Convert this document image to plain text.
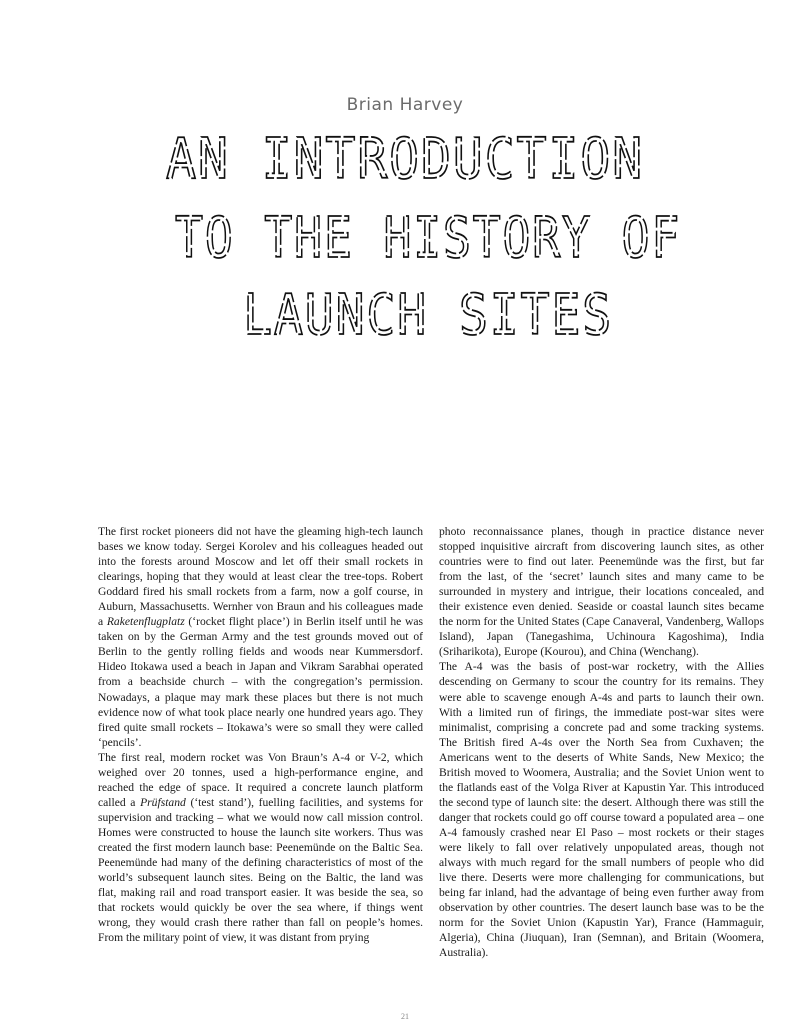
Brian Harvey
AN INTRODUCTION
TO THE HISTORY OF
LAUNCH SITES

The first rocket pioneers did not have the gleaming high-tech launch bases we know today. Sergei Korolev and his colleagues headed out into the forests around Moscow and let off their small rockets in clearings, hoping that they would at least clear the tree-tops. Robert Goddard fired his small rockets from a farm, now a golf course, in Auburn, Massachusetts. Wernher von Braun and his colleagues made a Raketenflugplatz (‘rocket flight place’) in Berlin itself until he was taken on by the German Army and the test grounds moved out of Berlin to the gently rolling fields and woods near Kummersdorf. Hideo Itokawa used a beach in Japan and Vikram Sarabhai operated from a beachside church – with the congregation’s permission. Nowadays, a plaque may mark these places but there is not much evidence now of what took place nearly one hundred years ago. They fired quite small rockets – Itokawa’s were so small they were called ‘pencils’.

The first real, modern rocket was Von Braun’s A-4 or V-2, which weighed over 20 tonnes, used a high-performance engine, and reached the edge of space. It required a concrete launch platform called a Prüfstand (‘test stand’), fuelling facilities, and systems for supervision and tracking – what we would now call mission control. Homes were constructed to house the launch site workers. Thus was created the first modern launch base: Peenemünde on the Baltic Sea. Peenemünde had many of the defining characteristics of most of the world’s subsequent launch sites. Being on the Baltic, the land was flat, making rail and road transport easier. It was beside the sea, so that rockets would quickly be over the sea where, if things went wrong, they would crash there rather than fall on people’s homes. From the military point of view, it was distant from prying

photo reconnaissance planes, though in practice distance never stopped inquisitive aircraft from discovering launch sites, as other countries were to find out later. Peenemünde was the first, but far from the last, of the ‘secret’ launch sites and many came to be surrounded in mystery and intrigue, their locations concealed, and their existence even denied. Seaside or coastal launch sites became the norm for the United States (Cape Canaveral, Vandenberg, Wallops Island), Japan (Tanegashima, Uchinoura Kagoshima), India (Sriharikota), Europe (Kourou), and China (Wenchang).

The A-4 was the basis of post-war rocketry, with the Allies descending on Germany to scour the country for its remains. They were able to scavenge enough A-4s and parts to launch their own. With a limited run of firings, the immediate post-war sites were minimalist, comprising a concrete pad and some tracking systems. The British fired A-4s over the North Sea from Cuxhaven; the Americans went to the deserts of White Sands, New Mexico; the British moved to Woomera, Australia; and the Soviet Union went to the flatlands east of the Volga River at Kapustin Yar. This introduced the second type of launch site: the desert. Although there was still the danger that rockets could go off course toward a populated area – one A-4 famously crashed near El Paso – most rockets or their stages were likely to fall over relatively unpopulated areas, though not always with much regard for the small numbers of people who did live there. Deserts were more challenging for communications, but being far inland, had the advantage of being even further away from observation by other countries. The desert launch base was to be the norm for the Soviet Union (Kapustin Yar), France (Hammaguir, Algeria), China (Jiuquan), Iran (Semnan), and Britain (Woomera, Australia).

21
